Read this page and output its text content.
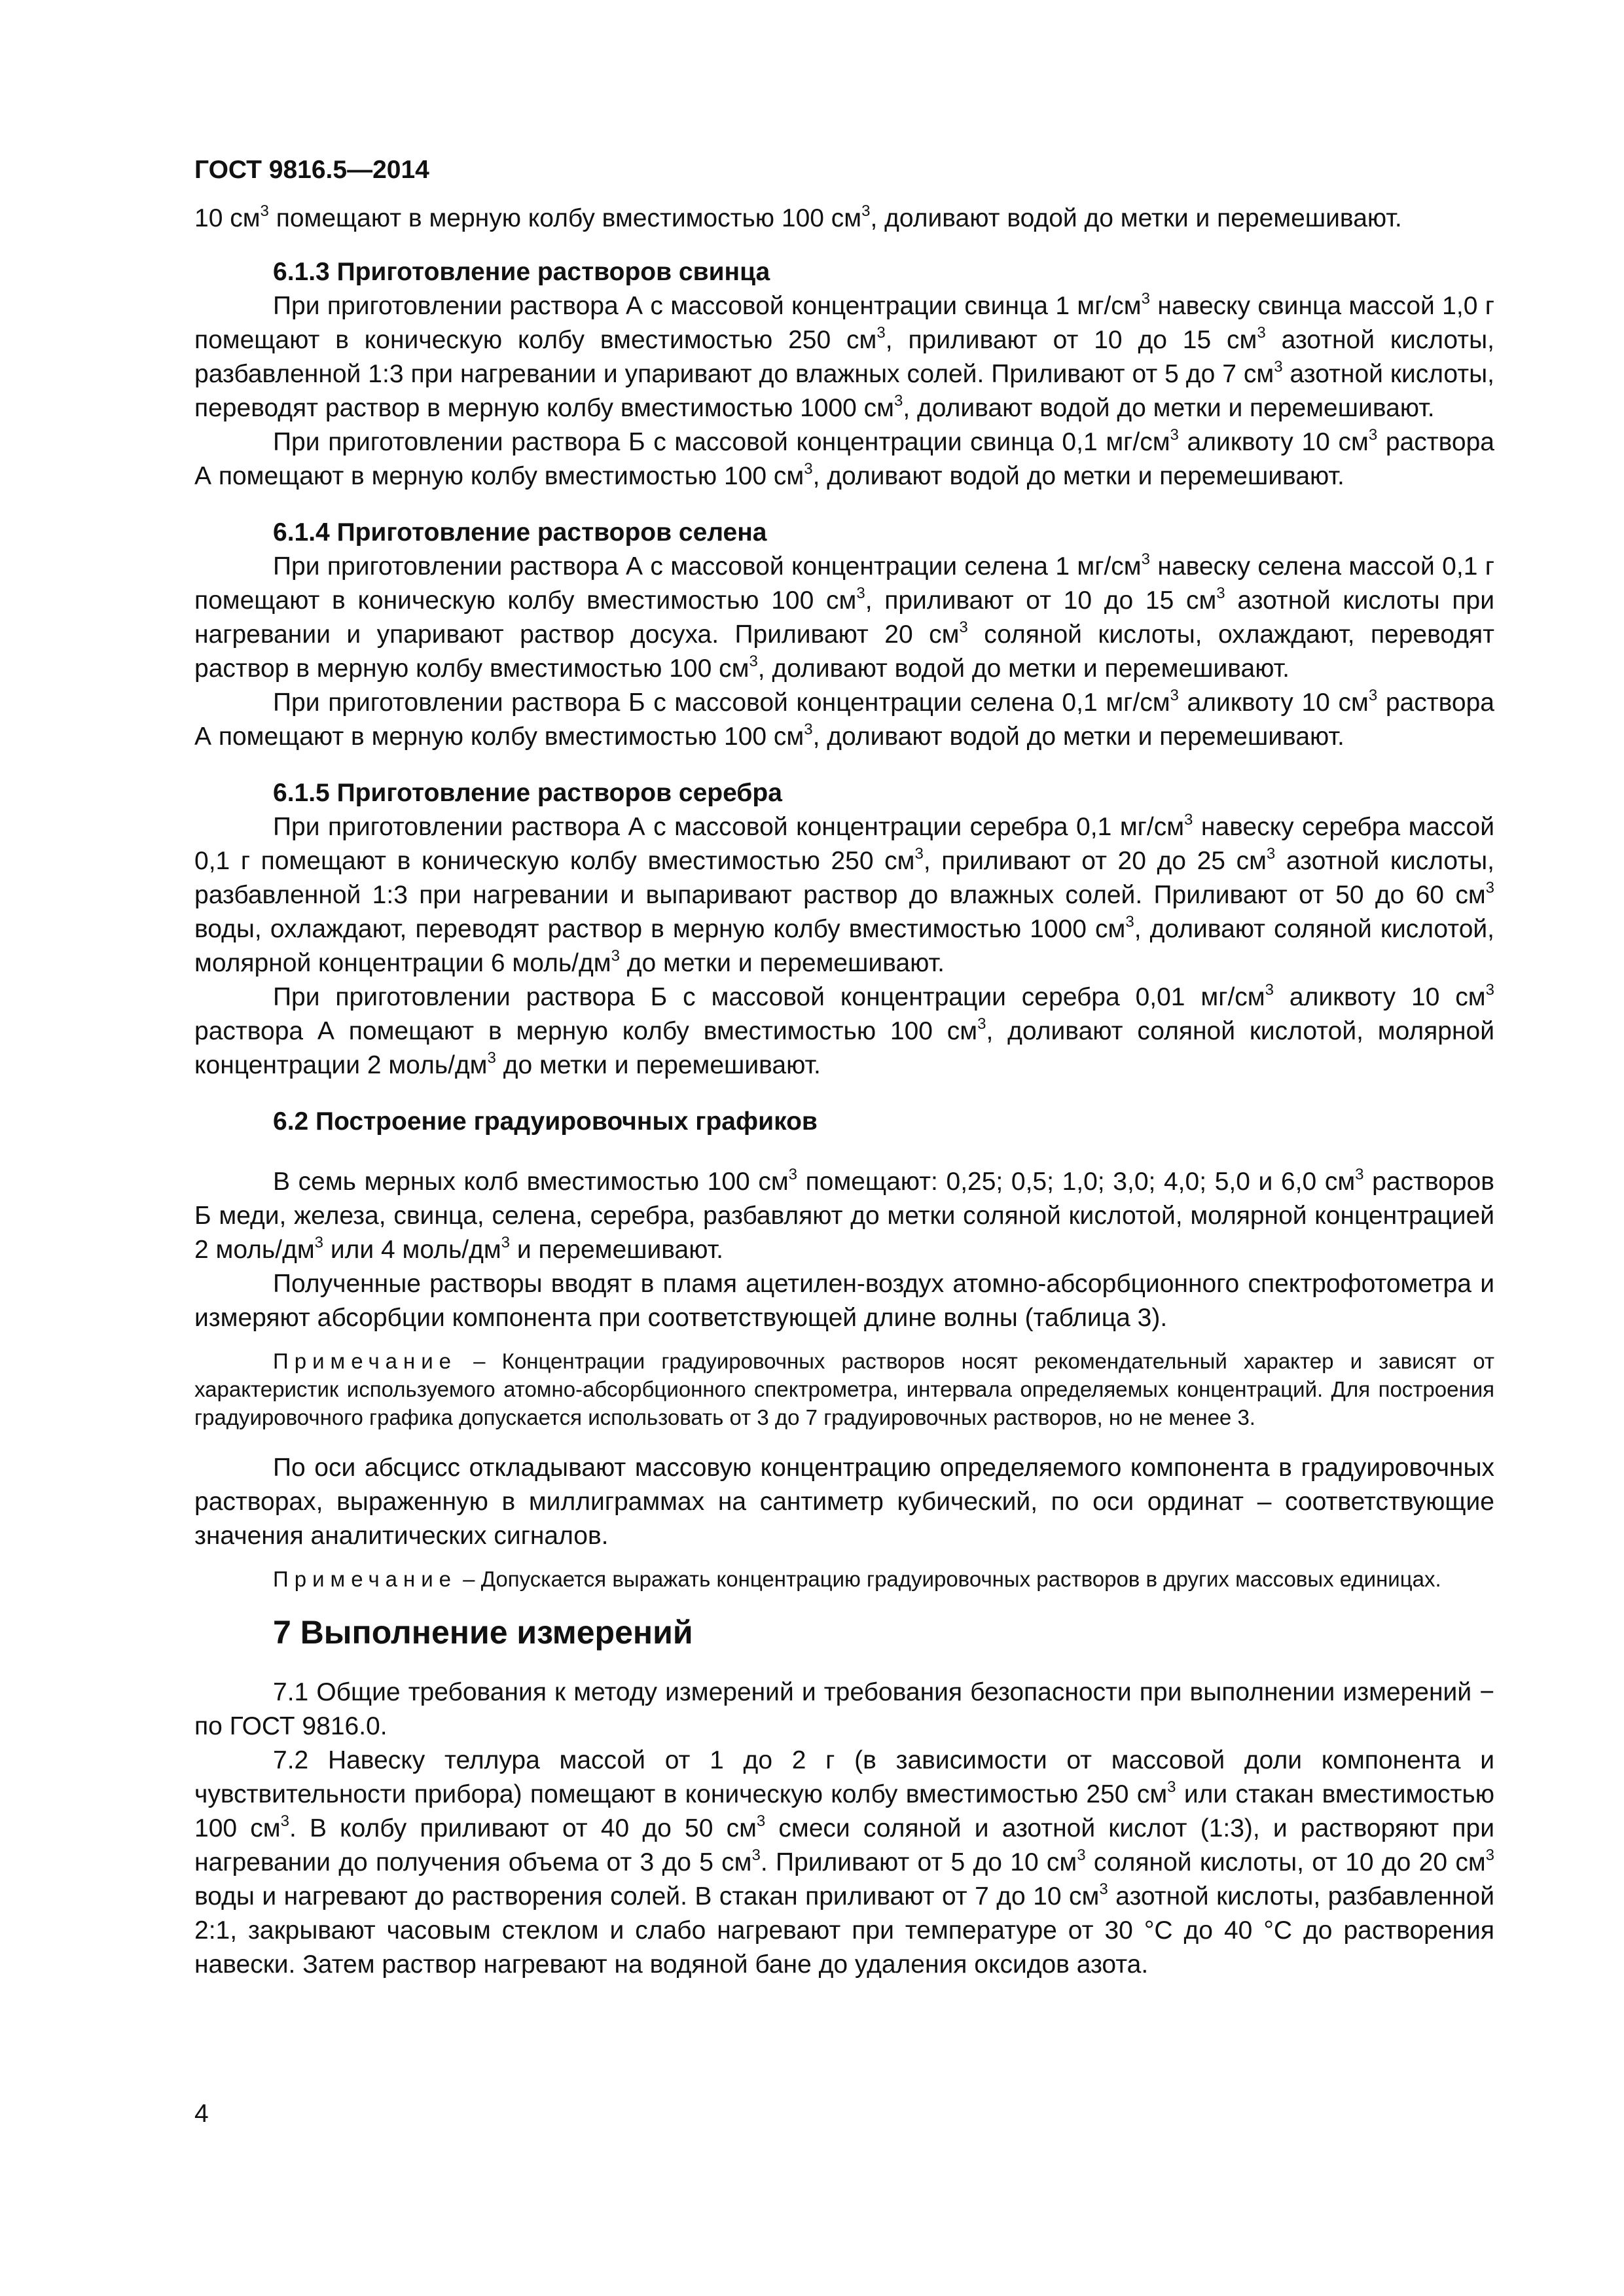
ГОСТ 9816.5—2014

10 $см^3$ помещают в мерную колбу вместимостью 100 $см^3$, доливают водой до метки и перемешивают.

6.1.3 Приготовление растворов свинца

При приготовлении раствора А с массовой концентрации свинца 1 $мг/см^3$ навеску свинца массой 1,0 г помещают в коническую колбу вместимостью 250 $см^3$, приливают от 10 до 15 $см^3$ азотной кислоты, разбавленной 1:3 при нагревании и упаривают до влажных солей. Приливают от 5 до 7 $см^3$ азотной кислоты, переводят раствор в мерную колбу вместимостью 1000 $см^3$, доливают водой до метки и перемешивают.

При приготовлении раствора Б с массовой концентрации свинца 0,1 $мг/см^3$ аликвоту 10 $см^3$ раствора А помещают в мерную колбу вместимостью 100 $см^3$, доливают водой до метки и перемешивают.

6.1.4 Приготовление растворов селена

При приготовлении раствора А с массовой концентрации селена 1 $мг/см^3$ навеску селена массой 0,1 г помещают в коническую колбу вместимостью 100 $см^3$, приливают от 10 до 15 $см^3$ азотной кислоты при нагревании и упаривают раствор досуха. Приливают 20 $см^3$ соляной кислоты, охлаждают, переводят раствор в мерную колбу вместимостью 100 $см^3$, доливают водой до метки и перемешивают.

При приготовлении раствора Б с массовой концентрации селена 0,1 $мг/см^3$ аликвоту 10 $см^3$ раствора А помещают в мерную колбу вместимостью 100 $см^3$, доливают водой до метки и перемешивают.

6.1.5 Приготовление растворов серебра

При приготовлении раствора А с массовой концентрации серебра 0,1 $мг/см^3$ навеску серебра массой 0,1 г помещают в коническую колбу вместимостью 250 $см^3$, приливают от 20 до 25 $см^3$ азотной кислоты, разбавленной 1:3 при нагревании и выпаривают раствор до влажных солей. Приливают от 50 до 60 $см^3$ воды, охлаждают, переводят раствор в мерную колбу вместимостью 1000 $см^3$, доливают соляной кислотой, молярной концентрации 6 моль/$дм^3$ до метки и перемешивают.

При приготовлении раствора Б с массовой концентрации серебра 0,01 $мг/см^3$ аликвоту 10 $см^3$ раствора А помещают в мерную колбу вместимостью 100 $см^3$, доливают соляной кислотой, молярной концентрации 2 моль/$дм^3$ до метки и перемешивают.

6.2 Построение градуировочных графиков

В семь мерных колб вместимостью 100 $см^3$ помещают: 0,25; 0,5; 1,0; 3,0; 4,0; 5,0 и 6,0 $см^3$ растворов Б меди, железа, свинца, селена, серебра, разбавляют до метки соляной кислотой, молярной концентрацией 2 моль/$дм^3$ или 4 моль/$дм^3$ и перемешивают.

Полученные растворы вводят в пламя ацетилен-воздух атомно-абсорбционного спектрофотометра и измеряют абсорбции компонента при соответствующей длине волны (таблица 3).

Примечание – Концентрации градуировочных растворов носят рекомендательный характер и зависят от характеристик используемого атомно-абсорбционного спектрометра, интервала определяемых концентраций. Для построения градуировочного графика допускается использовать от 3 до 7 градуировочных растворов, но не менее 3.

По оси абсцисс откладывают массовую концентрацию определяемого компонента в градуировочных растворах, выраженную в миллиграммах на сантиметр кубический, по оси ординат – соответствующие значения аналитических сигналов.

Примечание – Допускается выражать концентрацию градуировочных растворов в других массовых единицах.

7 Выполнение измерений

7.1 Общие требования к методу измерений и требования безопасности при выполнении измерений − по ГОСТ 9816.0.

7.2 Навеску теллура массой от 1 до 2 г (в зависимости от массовой доли компонента и чувствительности прибора) помещают в коническую колбу вместимостью 250 $см^3$ или стакан вместимостью 100 $см^3$. В колбу приливают от 40 до 50 $см^3$ смеси соляной и азотной кислот (1:3), и растворяют при нагревании до получения объема от 3 до 5 $см^3$. Приливают от 5 до 10 $см^3$ соляной кислоты, от 10 до 20 $см^3$ воды и нагревают до растворения солей. В стакан приливают от 7 до 10 $см^3$ азотной кислоты, разбавленной 2:1, закрывают часовым стеклом и слабо нагревают при температуре от 30 °С до 40 °С до растворения навески. Затем раствор нагревают на водяной бане до удаления оксидов азота.

4
